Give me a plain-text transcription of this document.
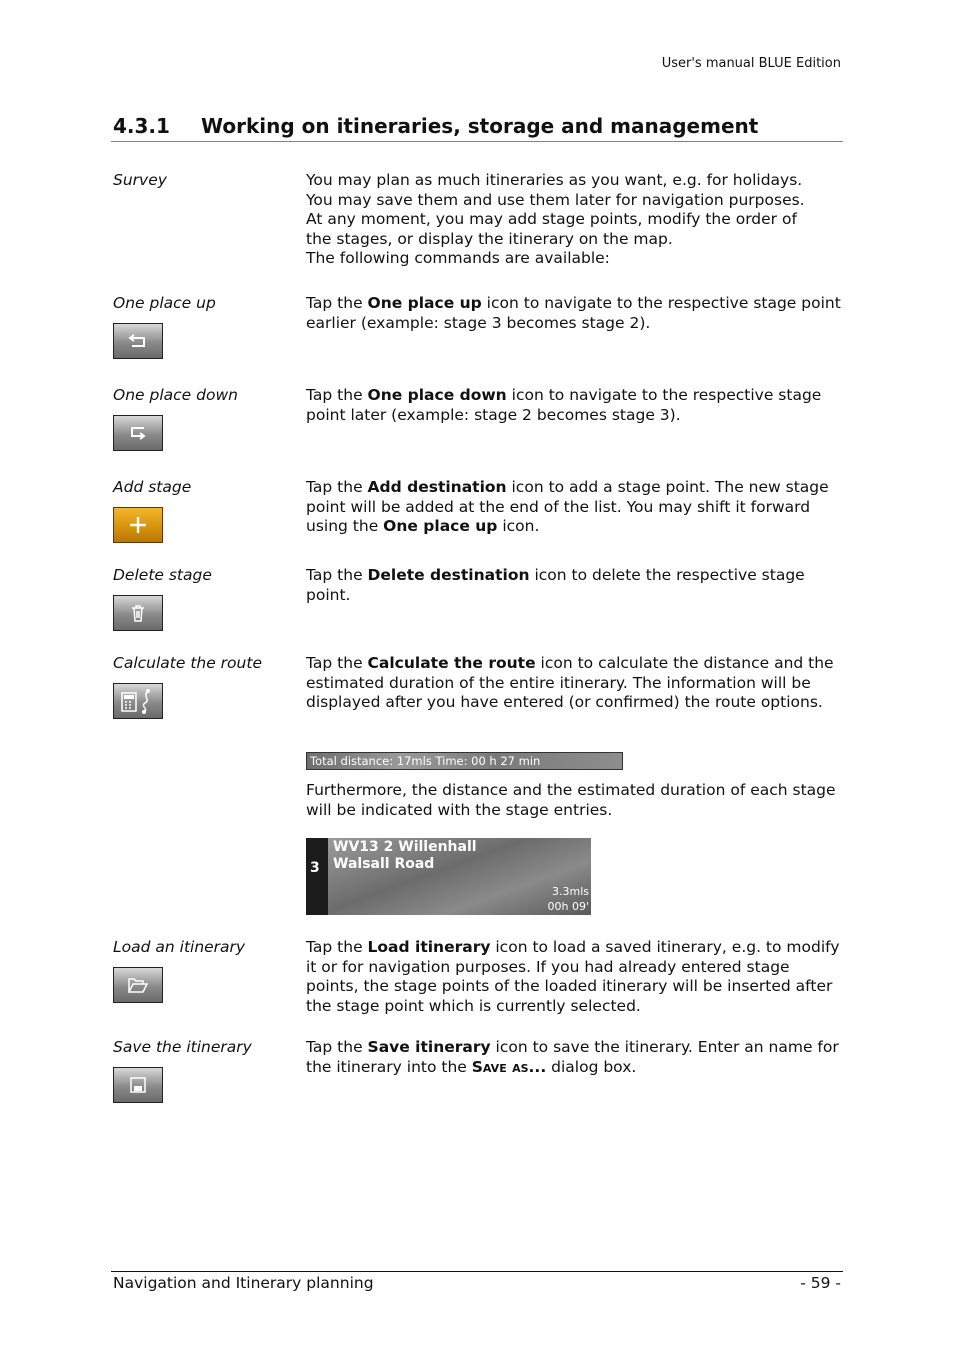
User's manual BLUE Edition
4.3.1 Working on itineraries, storage and management
Survey	You may plan as much itineraries as you want, e.g. for holidays.
You may save them and use them later for navigation purposes.
At any moment, you may add stage points, modify the order of
the stages, or display the itinerary on the map.
The following commands are available:
One place up	Tap the One place up icon to navigate to the respective stage point earlier (example: stage 3 becomes stage 2).
One place down	Tap the One place down icon to navigate to the respective stage point later (example: stage 2 becomes stage 3).
Add stage	Tap the Add destination icon to add a stage point. The new stage point will be added at the end of the list. You may shift it forward using the One place up icon.
Delete stage	Tap the Delete destination icon to delete the respective stage point.
Calculate the route	Tap the Calculate the route icon to calculate the distance and the estimated duration of the entire itinerary. The information will be displayed after you have entered (or confirmed) the route options.
Total distance: 17mls Time: 00 h 27 min
Furthermore, the distance and the estimated duration of each stage will be indicated with the stage entries.
3
WV13 2 Willenhall
Walsall Road
3.3mls
00h 09'
Load an itinerary	Tap the Load itinerary icon to load a saved itinerary, e.g. to modify it or for navigation purposes. If you had already entered stage points, the stage points of the loaded itinerary will be inserted after the stage point which is currently selected.
Save the itinerary	Tap the Save itinerary icon to save the itinerary. Enter an name for the itinerary into the Save as... dialog box.
Navigation and Itinerary planning	- 59 -
